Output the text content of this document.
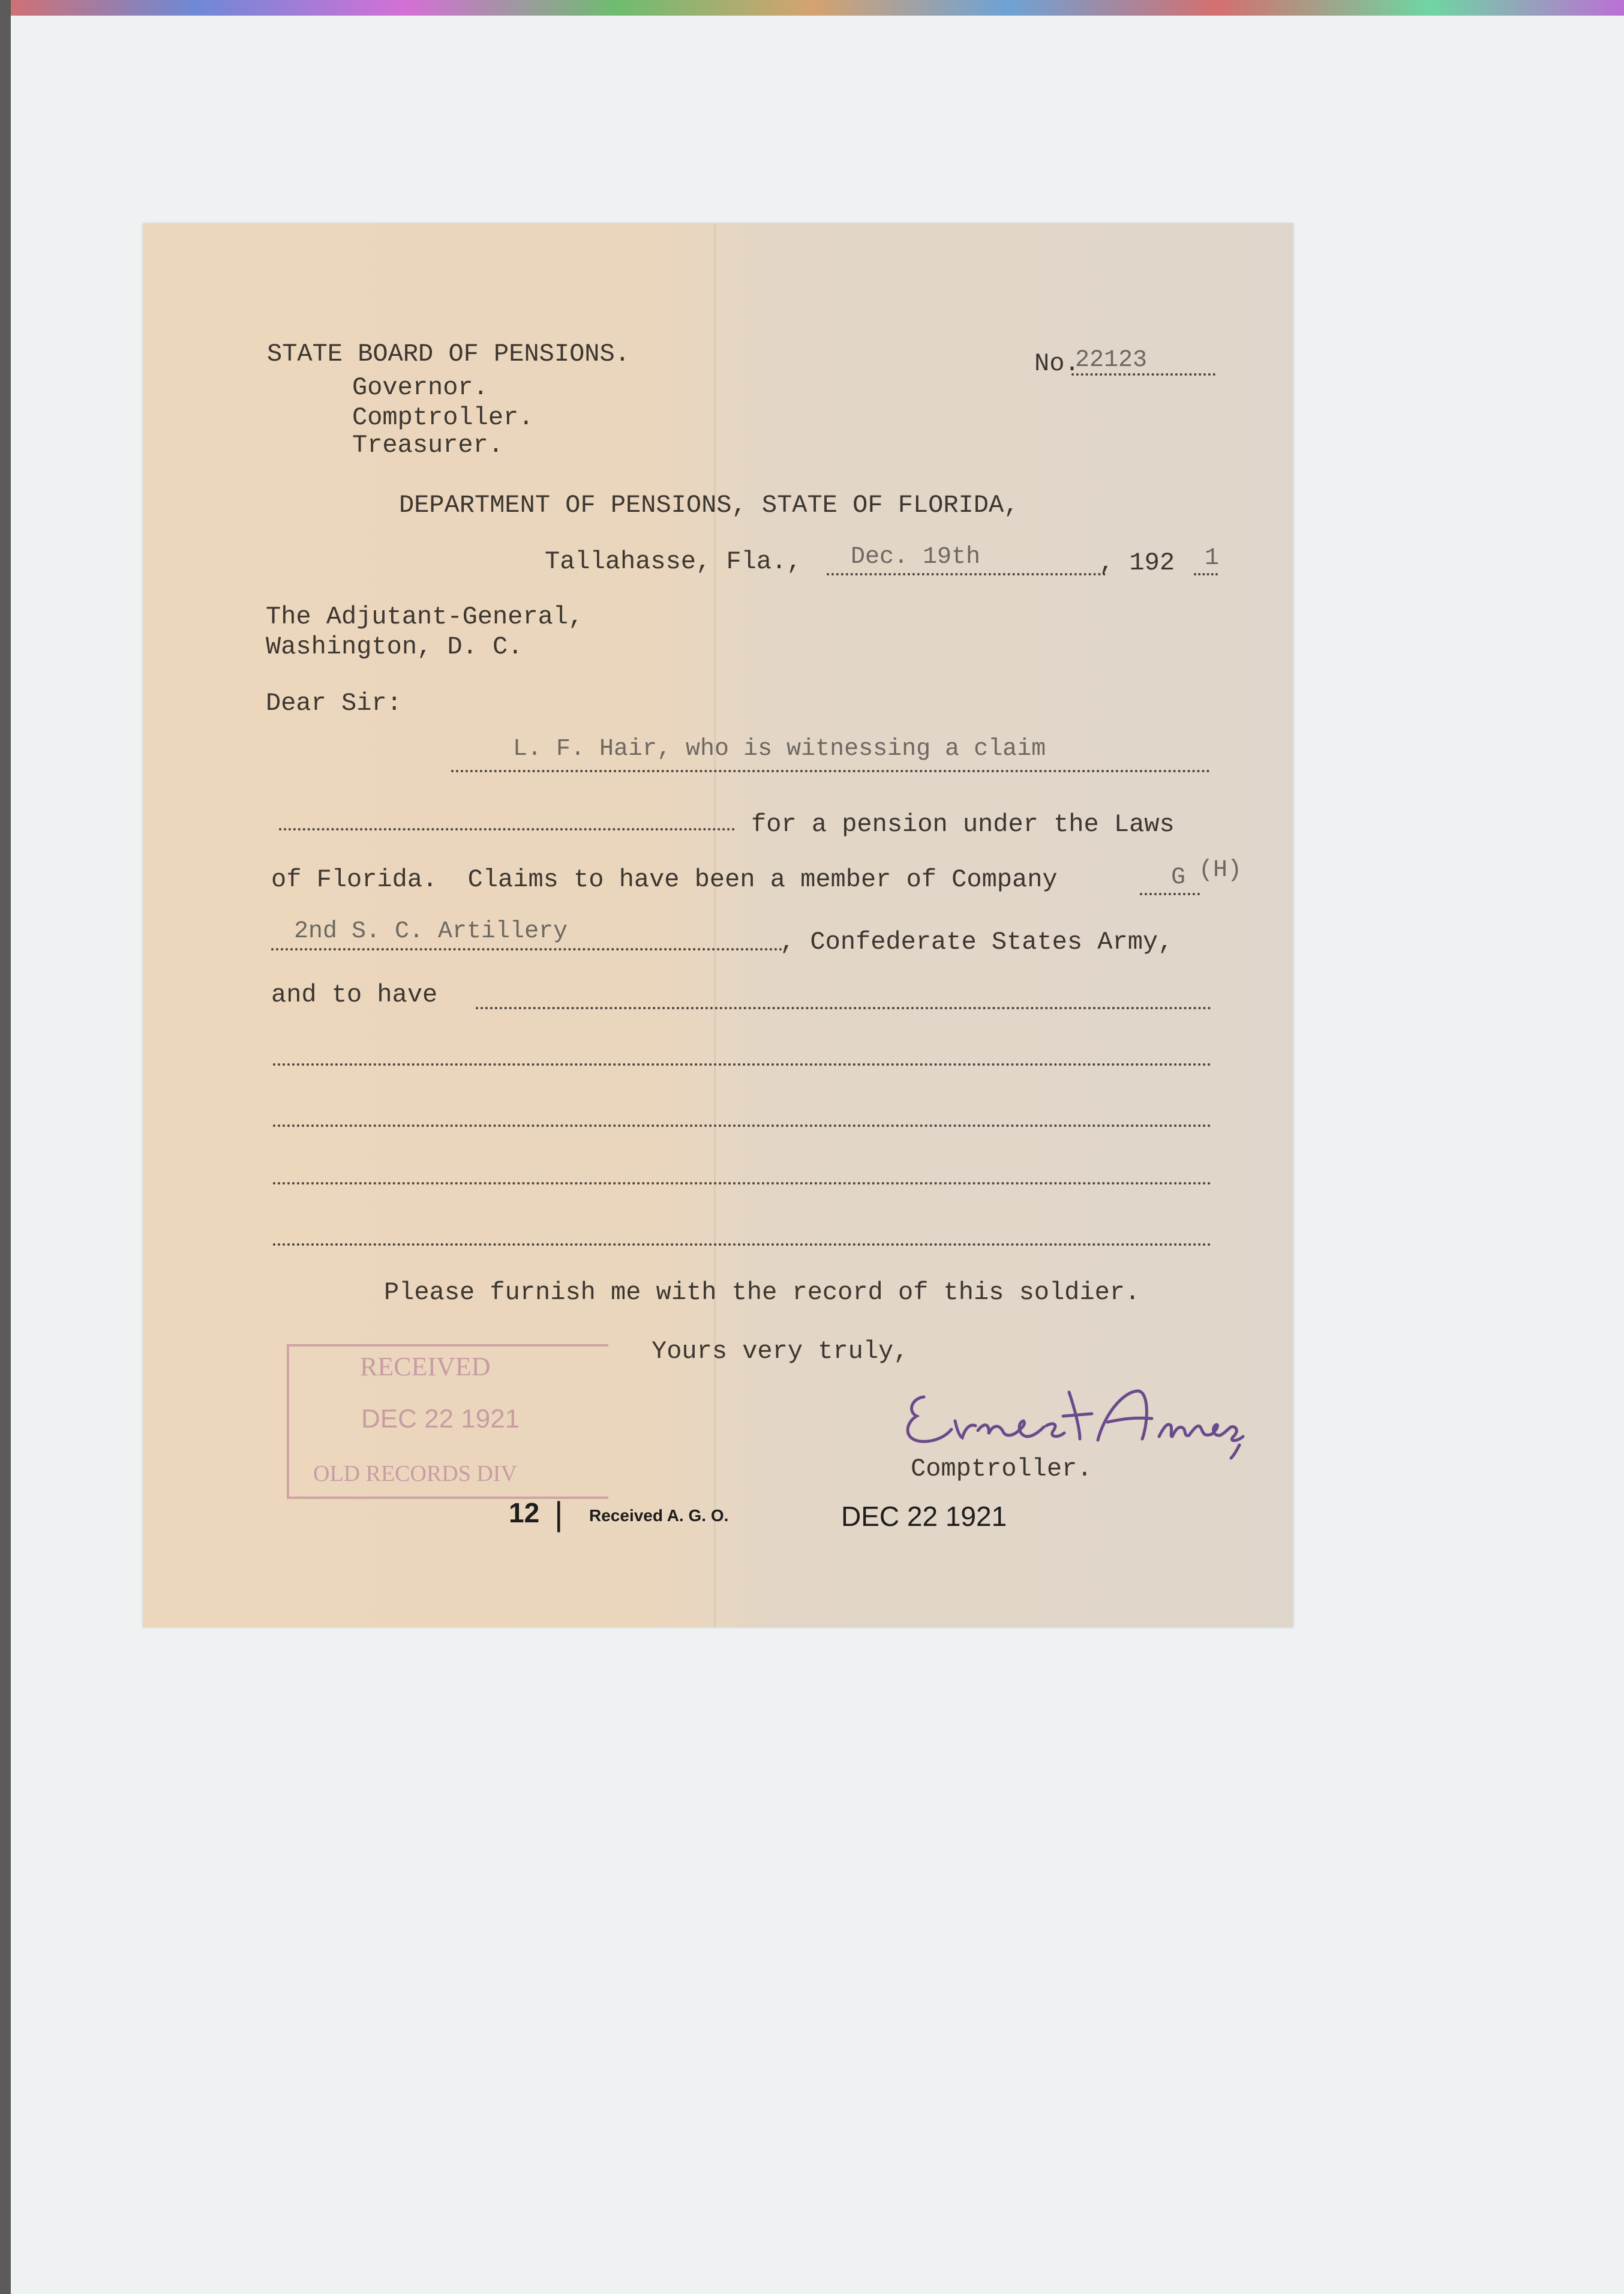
STATE BOARD OF PENSIONS.
Governor.
Comptroller.
Treasurer.
No.
22123
DEPARTMENT OF PENSIONS, STATE OF FLORIDA,
Tallahasse, Fla., Dec. 19th	, 192 1
The Adjutant-General,
Washington, D. C.
Dear Sir:
L. F. Hair, who is witnessing a claim
for a pension under the Laws
of Florida.  Claims to have been a member of Company	G (H)
2nd S. C. Artillery	, Confederate States Army,
and to have
Please furnish me with the record of this soldier.
Yours very truly,
Comptroller.
RECEIVED
DEC 22 1921
OLD RECORDS DIV
12 | Received A. G. O.	DEC 22 1921
